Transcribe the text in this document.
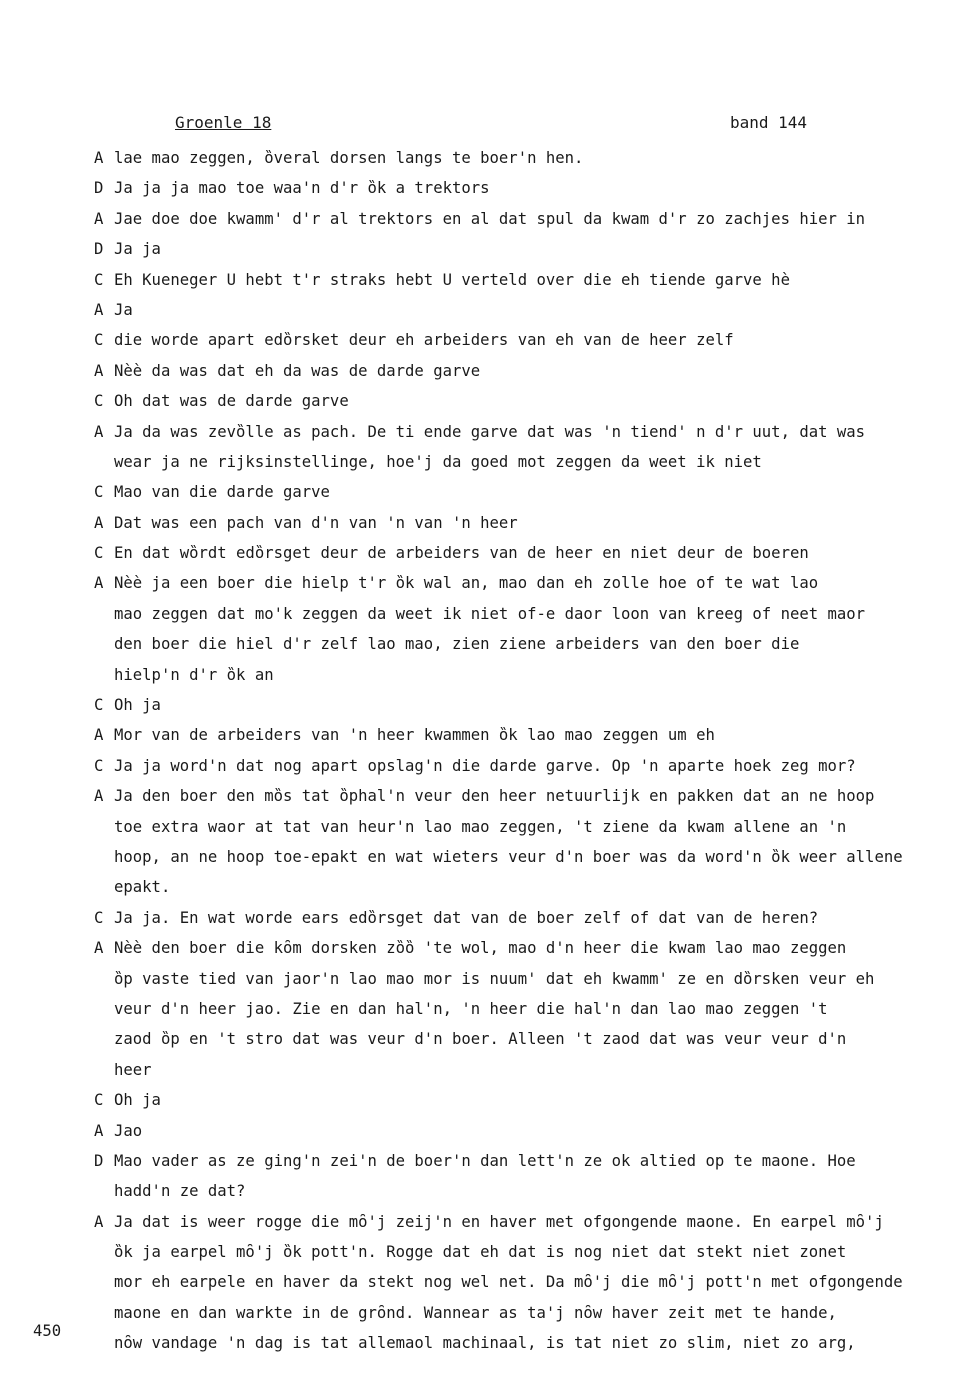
Groenle 18	band 144
A lae mao zeggen, ȍveral dorsen langs te boer'n hen.
D Ja ja ja mao toe waa'n d'r ȍk a trektors
A Jae doe doe kwamm' d'r al trektors en al dat spul da kwam d'r zo zachjes hier in
D Ja ja
C Eh Kueneger U hebt t'r straks hebt U verteld over die eh tiende garve hè
A Ja
C die worde apart edȍrsket deur eh arbeiders van eh van de heer zelf
A Nèè da was dat eh da was de darde garve
C Oh dat was de darde garve
A Ja da was zevȍlle as pach. De ti ende garve dat was 'n tiend' n d'r uut, dat was
wear ja ne rijksinstellinge, hoe'j da goed mot zeggen da weet ik niet
C Mao van die darde garve
A Dat was een pach van d'n van 'n van 'n heer
C En dat wȍrdt edȍrsget deur de arbeiders van de heer en niet deur de boeren
A Nèè ja een boer die hielp t'r ȍk wal an, mao dan eh zolle hoe of te wat lao
mao zeggen dat mo'k zeggen da weet ik niet of-e daor loon van kreeg of neet maor
den boer die hiel d'r zelf lao mao, zien ziene arbeiders van den boer die
hielp'n d'r ȍk an
C Oh ja
A Mor van de arbeiders van 'n heer kwammen ȍk lao mao zeggen um eh
C Ja ja word'n dat nog apart opslag'n die darde garve. Op 'n aparte hoek zeg mor?
A Ja den boer den mȍs tat ȍphal'n veur den heer netuurlijk en pakken dat an ne hoop
toe extra waor at tat van heur'n lao mao zeggen, 't ziene da kwam allene an 'n
hoop, an ne hoop toe-epakt en wat wieters veur d'n boer was da word'n ȍk weer allene
epakt.
C Ja ja. En wat worde ears edȍrsget dat van de boer zelf of dat van de heren?
A Nèè den boer die kȏm dorsken zȍȍ 'te wol, mao d'n heer die kwam lao mao zeggen
ȍp vaste tied van jaor'n lao mao mor is nuum' dat eh kwamm' ze en dȍrsken veur eh
veur d'n heer jao. Zie en dan hal'n, 'n heer die hal'n dan lao mao zeggen 't
zaod ȍp en 't stro dat was veur d'n boer. Alleen 't zaod dat was veur veur d'n
heer
C Oh ja
A Jao
D Mao vader as ze ging'n zei'n de boer'n dan lett'n ze ok altied op te maone. Hoe
hadd'n ze dat?
A Ja dat is weer rogge die mȏ'j zeij'n en haver met ofgongende maone. En earpel mȏ'j
ȍk ja earpel mȏ'j ȍk pott'n. Rogge dat eh dat is nog niet dat stekt niet zonet
mor eh earpele en haver da stekt nog wel net. Da mȏ'j die mȏ'j pott'n met ofgongende
maone en dan warkte in de grȏnd. Wannear as ta'j nȏw haver zeit met te hande,
nȏw vandage 'n dag is tat allemaol machinaal, is tat niet zo slim, niet zo arg,
450
